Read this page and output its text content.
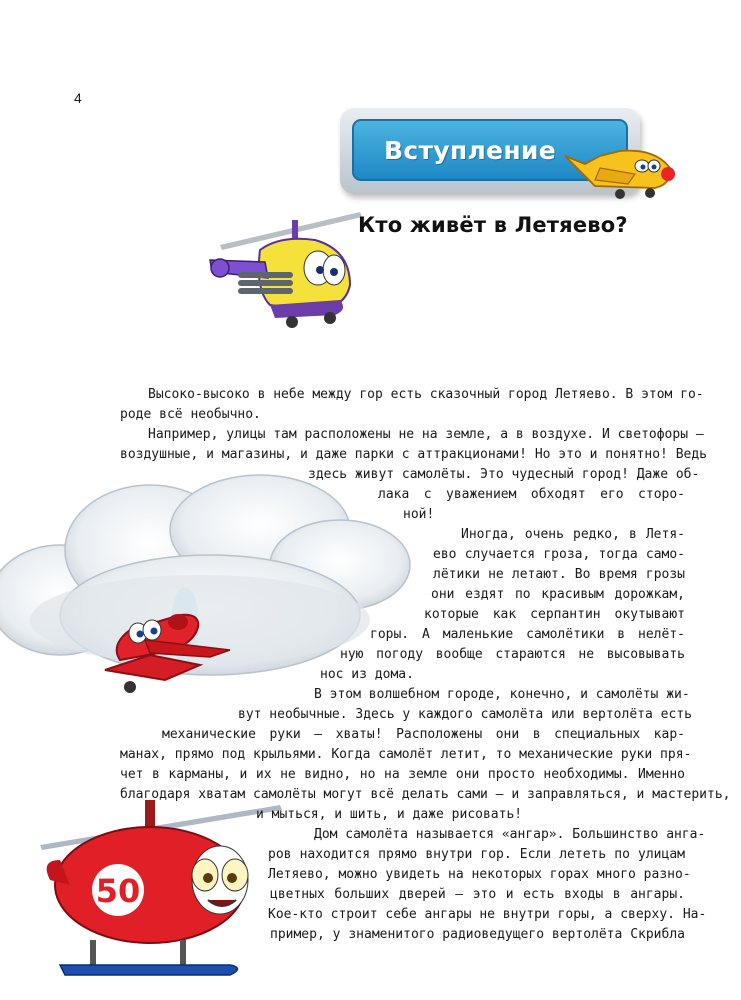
4
50
Вступление
Кто живёт в Летяево?
Высоко-высоко в небе между гор есть сказочный город Летяево. В этом го-
роде всё необычно.
Например, улицы там расположены не на земле, а в воздухе. И светофоры —
воздушные, и магазины, и даже парки с аттракционами! Но это и понятно! Ведь
здесь живут самолёты. Это чудесный город! Даже об-
лака с уважением обходят его сторо-
ной!
Иногда, очень редко, в Летя-
ево случается гроза, тогда само-
лётики не летают. Во время грозы
они ездят по красивым дорожкам,
которые как серпантин окутывают
горы. А маленькие самолётики в нелёт-
ную погоду вообще стараются не высовывать
нос из дома.
В этом волшебном городе, конечно, и самолёты жи-
вут необычные. Здесь у каждого самолёта или вертолёта есть
механические руки — хваты! Расположены они в специальных кар-
манах, прямо под крыльями. Когда самолёт летит, то механические руки пря-
чет в карманы, и их не видно, но на земле они просто необходимы. Именно
благодаря хватам самолёты могут всё делать сами — и заправляться, и мастерить,
и мыться, и шить, и даже рисовать!
Дом самолёта называется «ангар». Большинство анга-
ров находится прямо внутри гор. Если лететь по улицам
Летяево, можно увидеть на некоторых горах много разно-
цветных больших дверей — это и есть входы в ангары.
Кое-кто строит себе ангары не внутри горы, а сверху. На-
пример, у знаменитого радиоведущего вертолёта Скрибла
